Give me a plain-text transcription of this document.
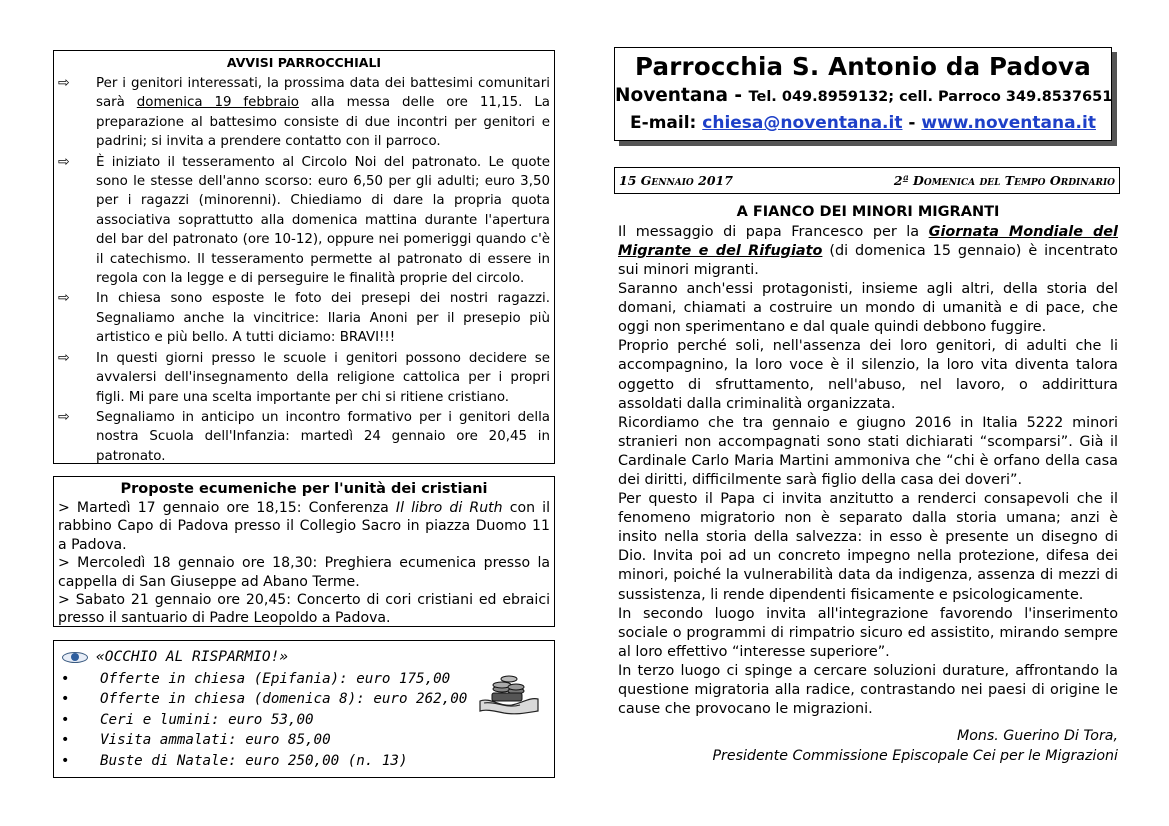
AVVISI PARROCCHIALI
⇨	Per i genitori interessati, la prossima data dei battesimi comunitari sarà domenica 19 febbraio alla messa delle ore 11,15. La preparazione al battesimo consiste di due incontri per genitori e padrini; si invita a prendere contatto con il parroco.
⇨	È iniziato il tesseramento al Circolo Noi del patronato. Le quote sono le stesse dell'anno scorso: euro 6,50 per gli adulti; euro 3,50 per i ragazzi (minorenni). Chiediamo di dare la propria quota associativa soprattutto alla domenica mattina durante l'apertura del bar del patronato (ore 10-12), oppure nei pomeriggi quando c'è il catechismo. Il tesseramento permette al patronato di essere in regola con la legge e di perseguire le finalità proprie del circolo.
⇨	In chiesa sono esposte le foto dei presepi dei nostri ragazzi. Segnaliamo anche la vincitrice: Ilaria Anoni per il presepio più artistico e più bello. A tutti diciamo: BRAVI!!!
⇨	In questi giorni presso le scuole i genitori possono decidere se avvalersi dell'insegnamento della religione cattolica per i propri figli. Mi pare una scelta importante per chi si ritiene cristiano.
⇨	Segnaliamo in anticipo un incontro formativo per i genitori della nostra Scuola dell'Infanzia: martedì 24 gennaio ore 20,45 in patronato.
Proposte ecumeniche per l'unità dei cristiani

> Martedì 17 gennaio ore 18,15: Conferenza Il libro di Ruth con il rabbino Capo di Padova presso il Collegio Sacro in piazza Duomo 11 a Padova.

> Mercoledì 18 gennaio ore 18,30: Preghiera ecumenica presso la cappella di San Giuseppe ad Abano Terme.

> Sabato 21 gennaio ore 20,45: Concerto di cori cristiani ed ebraici presso il santuario di Padre Leopoldo a Padova.

«OCCHIO AL RISPARMIO!»
• Offerte in chiesa (Epifania): euro 175,00
• Offerte in chiesa (domenica 8): euro 262,00
• Ceri e lumini: euro 53,00
• Visita ammalati: euro 85,00
• Buste di Natale: euro 250,00 (n. 13)
Parrocchia S. Antonio da Padova
Noventana - Tel. 049.8959132; cell. Parroco 349.8537651
E-mail: chiesa@noventana.it - www.noventana.it
15 Gennaio 2017	2ª Domenica del Tempo Ordinario
A FIANCO DEI MINORI MIGRANTI

Il messaggio di papa Francesco per la Giornata Mondiale del Migrante e del Rifugiato (di domenica 15 gennaio) è incentrato sui minori migranti.

Saranno anch'essi protagonisti, insieme agli altri, della storia del domani, chiamati a costruire un mondo di umanità e di pace, che oggi non sperimentano e dal quale quindi debbono fuggire.

Proprio perché soli, nell'assenza dei loro genitori, di adulti che li accompagnino, la loro voce è il silenzio, la loro vita diventa talora oggetto di sfruttamento, nell'abuso, nel lavoro, o addirittura assoldati dalla criminalità organizzata.

Ricordiamo che tra gennaio e giugno 2016 in Italia 5222 minori stranieri non accompagnati sono stati dichiarati “scomparsi”. Già il Cardinale Carlo Maria Martini ammoniva che “chi è orfano della casa dei diritti, difficilmente sarà figlio della casa dei doveri”.

Per questo il Papa ci invita anzitutto a renderci consapevoli che il fenomeno migratorio non è separato dalla storia umana; anzi è insito nella storia della salvezza: in esso è presente un disegno di Dio. Invita poi ad un concreto impegno nella protezione, difesa dei minori, poiché la vulnerabilità data da indigenza, assenza di mezzi di sussistenza, li rende dipendenti fisicamente e psicologicamente.

In secondo luogo invita all'integrazione favorendo l'inserimento sociale o programmi di rimpatrio sicuro ed assistito, mirando sempre al loro effettivo “interesse superiore”.

In terzo luogo ci spinge a cercare soluzioni durature, affrontando la questione migratoria alla radice, contrastando nei paesi di origine le cause che provocano le migrazioni.

Mons. Guerino Di Tora,
Presidente Commissione Episcopale Cei per le Migrazioni
